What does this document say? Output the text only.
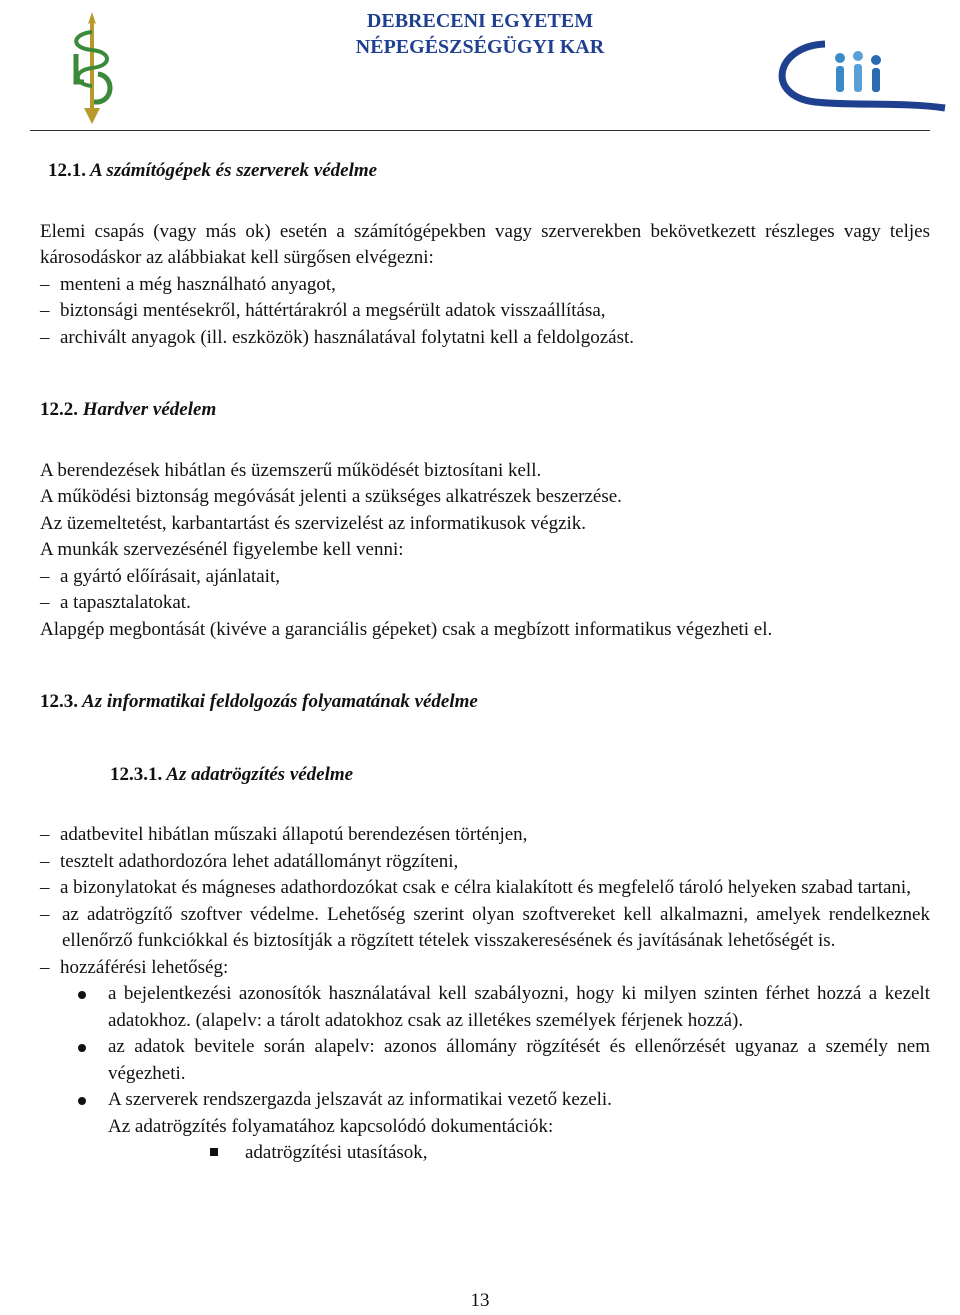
DEBRECENI EGYETEM
NÉPEGÉSZSÉGÜGYI KAR

12.1. A számítógépek és szerverek védelme

Elemi csapás (vagy más ok) esetén a számítógépekben vagy szerverekben bekövetkezett részleges vagy teljes károsodáskor az alábbiakat kell sürgősen elvégezni:

– menteni a még használható anyagot,

– biztonsági mentésekről, háttértárakról a megsérült adatok visszaállítása,

– archivált anyagok (ill. eszközök) használatával folytatni kell a feldolgozást.

12.2. Hardver védelem

A berendezések hibátlan és üzemszerű működését biztosítani kell.

A működési biztonság megóvását jelenti a szükséges alkatrészek beszerzése.

Az üzemeltetést, karbantartást és szervizelést az informatikusok végzik.

A munkák szervezésénél figyelembe kell venni:

– a gyártó előírásait, ajánlatait,

– a tapasztalatokat.

Alapgép megbontását (kivéve a garanciális gépeket) csak a megbízott informatikus végezheti el.

12.3. Az informatikai feldolgozás folyamatának védelme

12.3.1. Az adatrögzítés védelme

– adatbevitel hibátlan műszaki állapotú berendezésen történjen,

– tesztelt adathordozóra lehet adatállományt rögzíteni,

– a bizonylatokat és mágneses adathordozókat csak e célra kialakított és megfelelő tároló helyeken szabad tartani,

– az adatrögzítő szoftver védelme. Lehetőség szerint olyan szoftvereket kell alkalmazni, amelyek rendelkeznek ellenőrző funkciókkal és biztosítják a rögzített tételek visszakeresésének és javításának lehetőségét is.

– hozzáférési lehetőség:

a bejelentkezési azonosítók használatával kell szabályozni, hogy ki milyen szinten férhet hozzá a kezelt adatokhoz. (alapelv: a tárolt adatokhoz csak az illetékes személyek férjenek hozzá).
az adatok bevitele során alapelv: azonos állomány rögzítését és ellenőrzését ugyanaz a személy nem végezheti.
A szerverek rendszergazda jelszavát az informatikai vezető kezeli.

Az adatrögzítés folyamatához kapcsolódó dokumentációk:

adatrögzítési utasítások,
13
